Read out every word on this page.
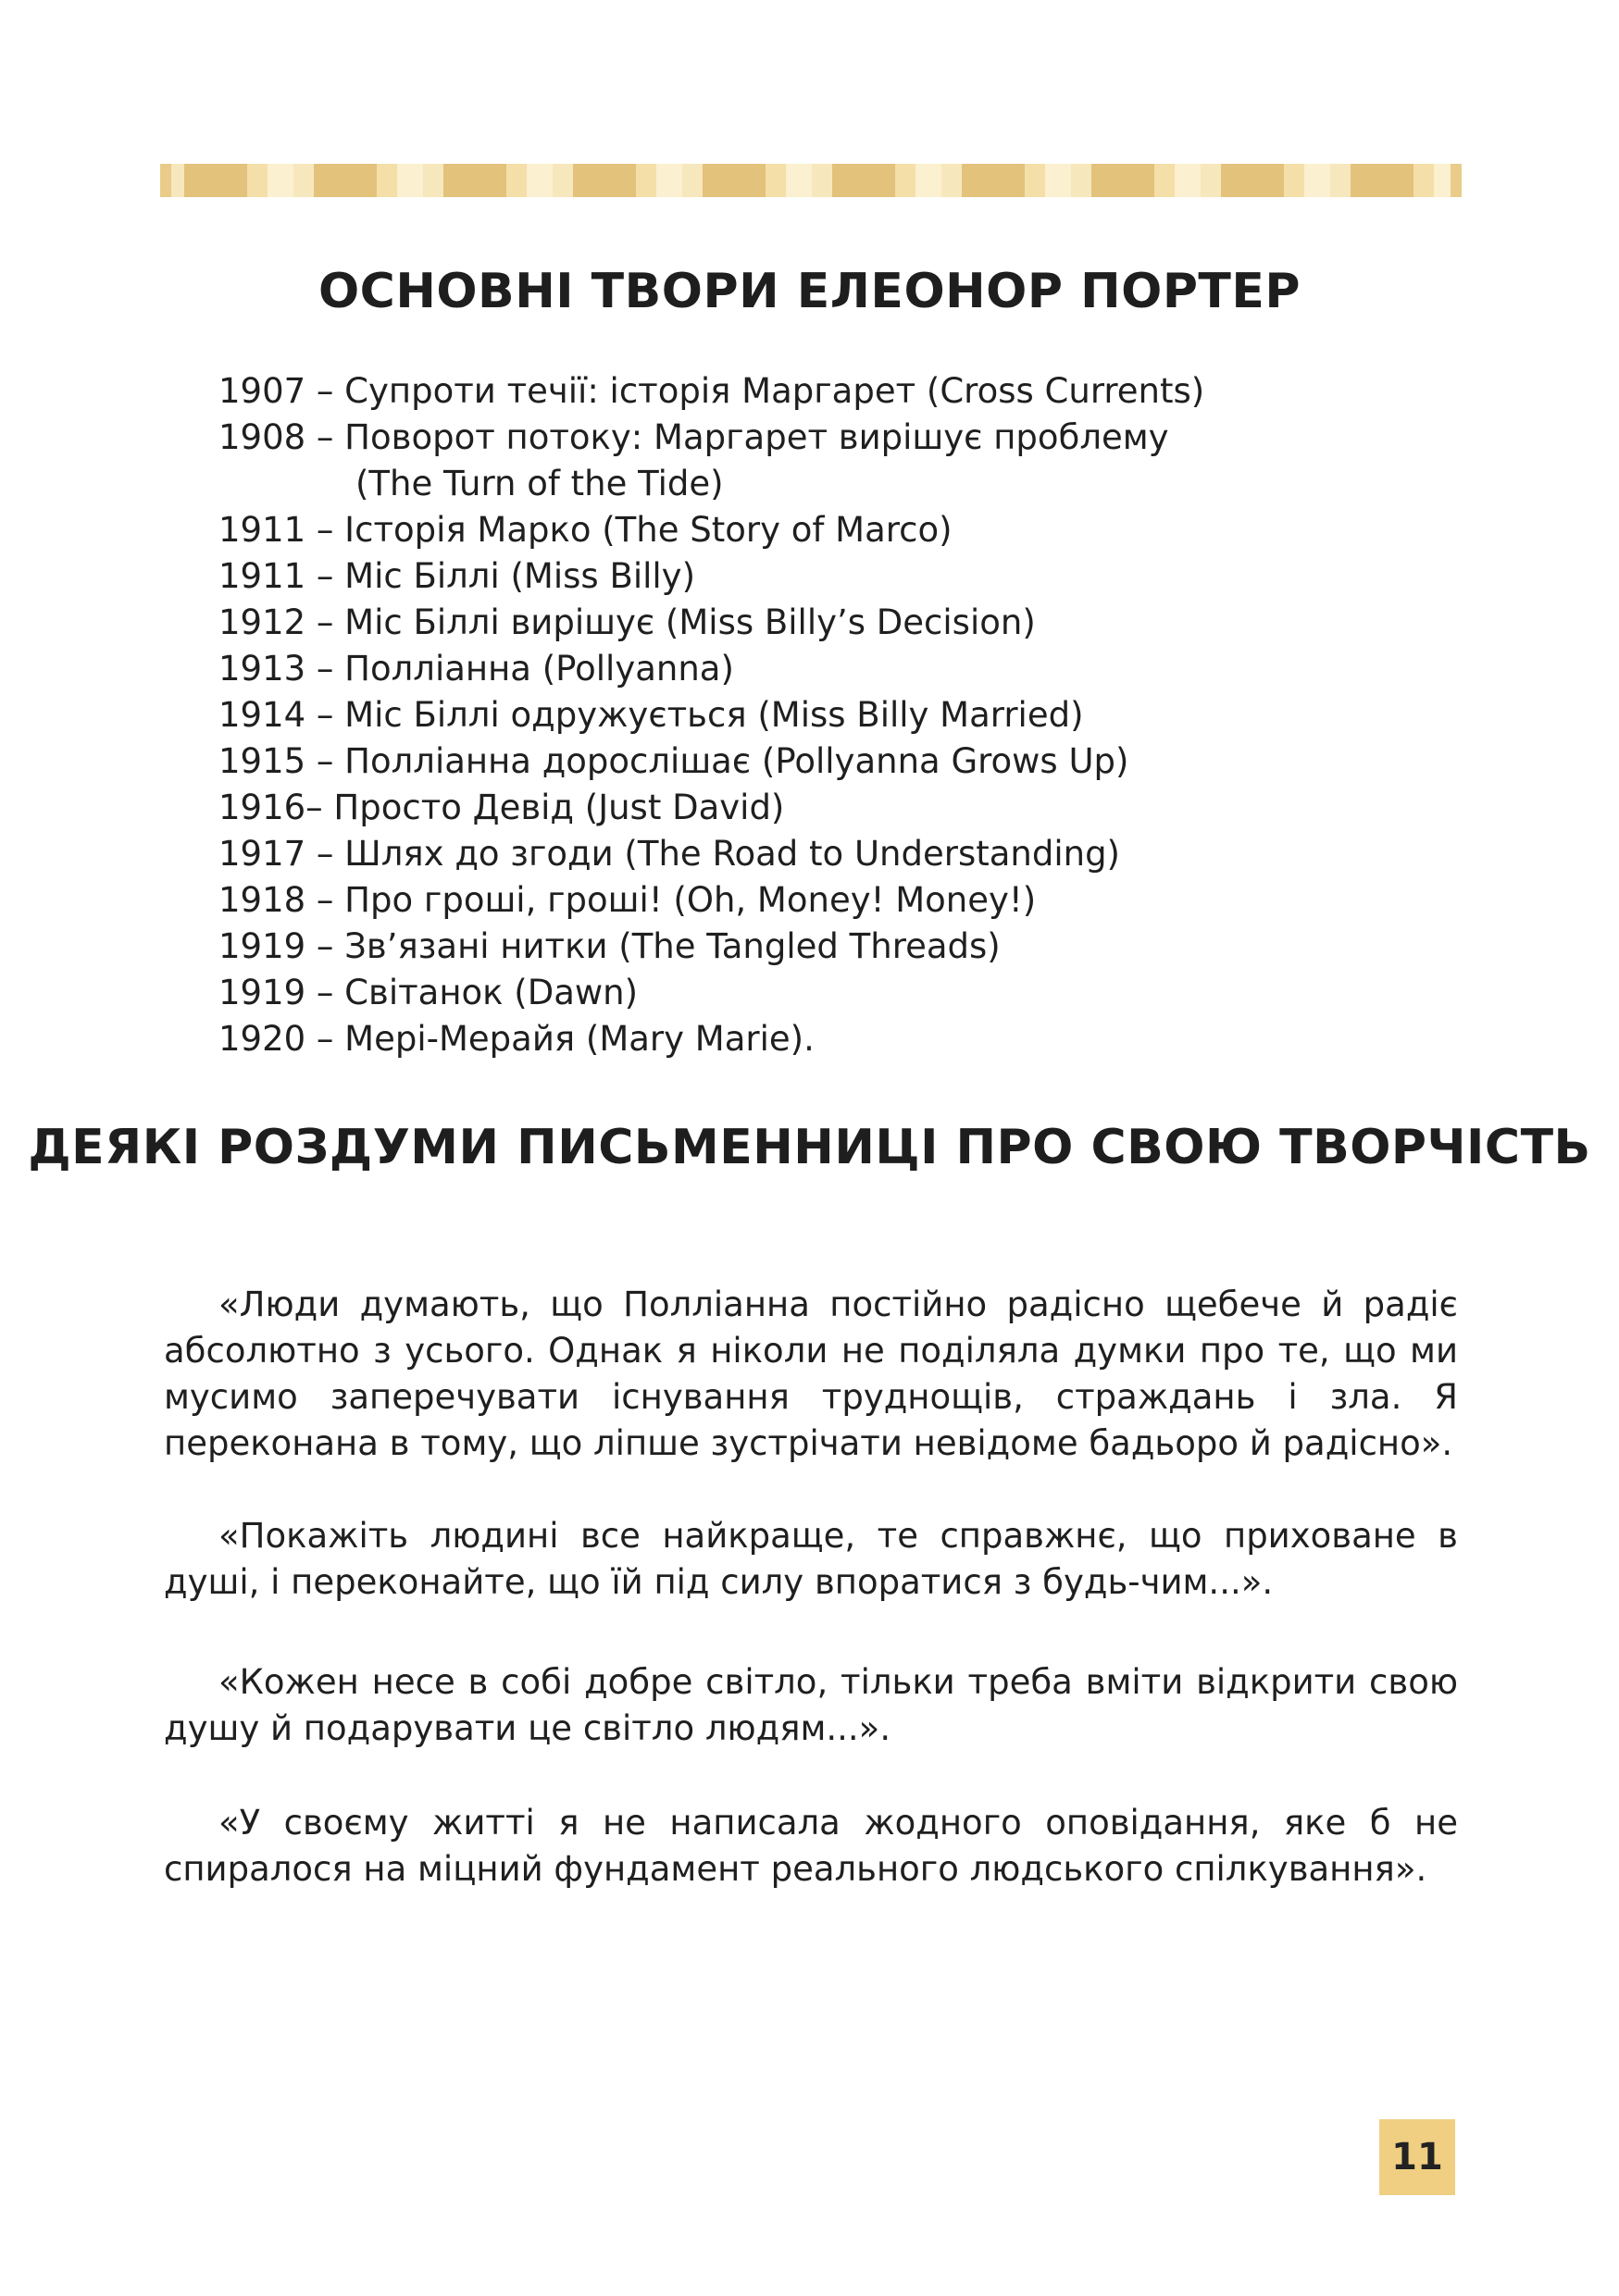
ОСНОВНІ ТВОРИ ЕЛЕОНОР ПОРТЕР
1907 – Супроти течії: історія Маргарет (Cross Currents)
1908 – Поворот потоку: Маргарет вирішує проблему
(The Turn of the Tide)
1911 – Історія Марко (The Story of Marco)
1911 – Міс Біллі (Miss Billy)
1912 – Міс Біллі вирішує (Miss Billy’s Decision)
1913 – Поллiанна (Pollyanna)
1914 – Міс Біллі одружується (Miss Billy Married)
1915 – Поллiанна дорослішає (Pollyanna Grows Up)
1916– Просто Девід (Just David)
1917 – Шлях до згоди (The Road to Understanding)
1918 – Про гроші, гроші! (Oh, Money! Money!)
1919 – Зв’язані нитки (The Tangled Threads)
1919 – Світанок (Dawn)
1920 – Мері-Мерайя (Mary Marie).
ДЕЯКІ РОЗДУМИ ПИСЬМЕННИЦІ ПРО СВОЮ ТВОРЧІСТЬ

«Люди думають, що Поллiанна постійно радісно щебече й радіє абсолютно з усього. Однак я ніколи не поділяла думки про те, що ми мусимо заперечувати існування труднощів, страждань і зла. Я переконана в тому, що ліпше зустрічати невідоме бадьоро й радісно».

«Покажіть людині все найкраще, те справжнє, що приховане в душі, і переконайте, що їй під силу впоратися з будь-чим...».

«Кожен несе в собі добре світло, тільки треба вміти відкрити свою душу й подарувати це світло людям...».

«У своєму житті я не написала жодного оповідання, яке б не спиралося на міцний фундамент реального людського спілкування».

11
